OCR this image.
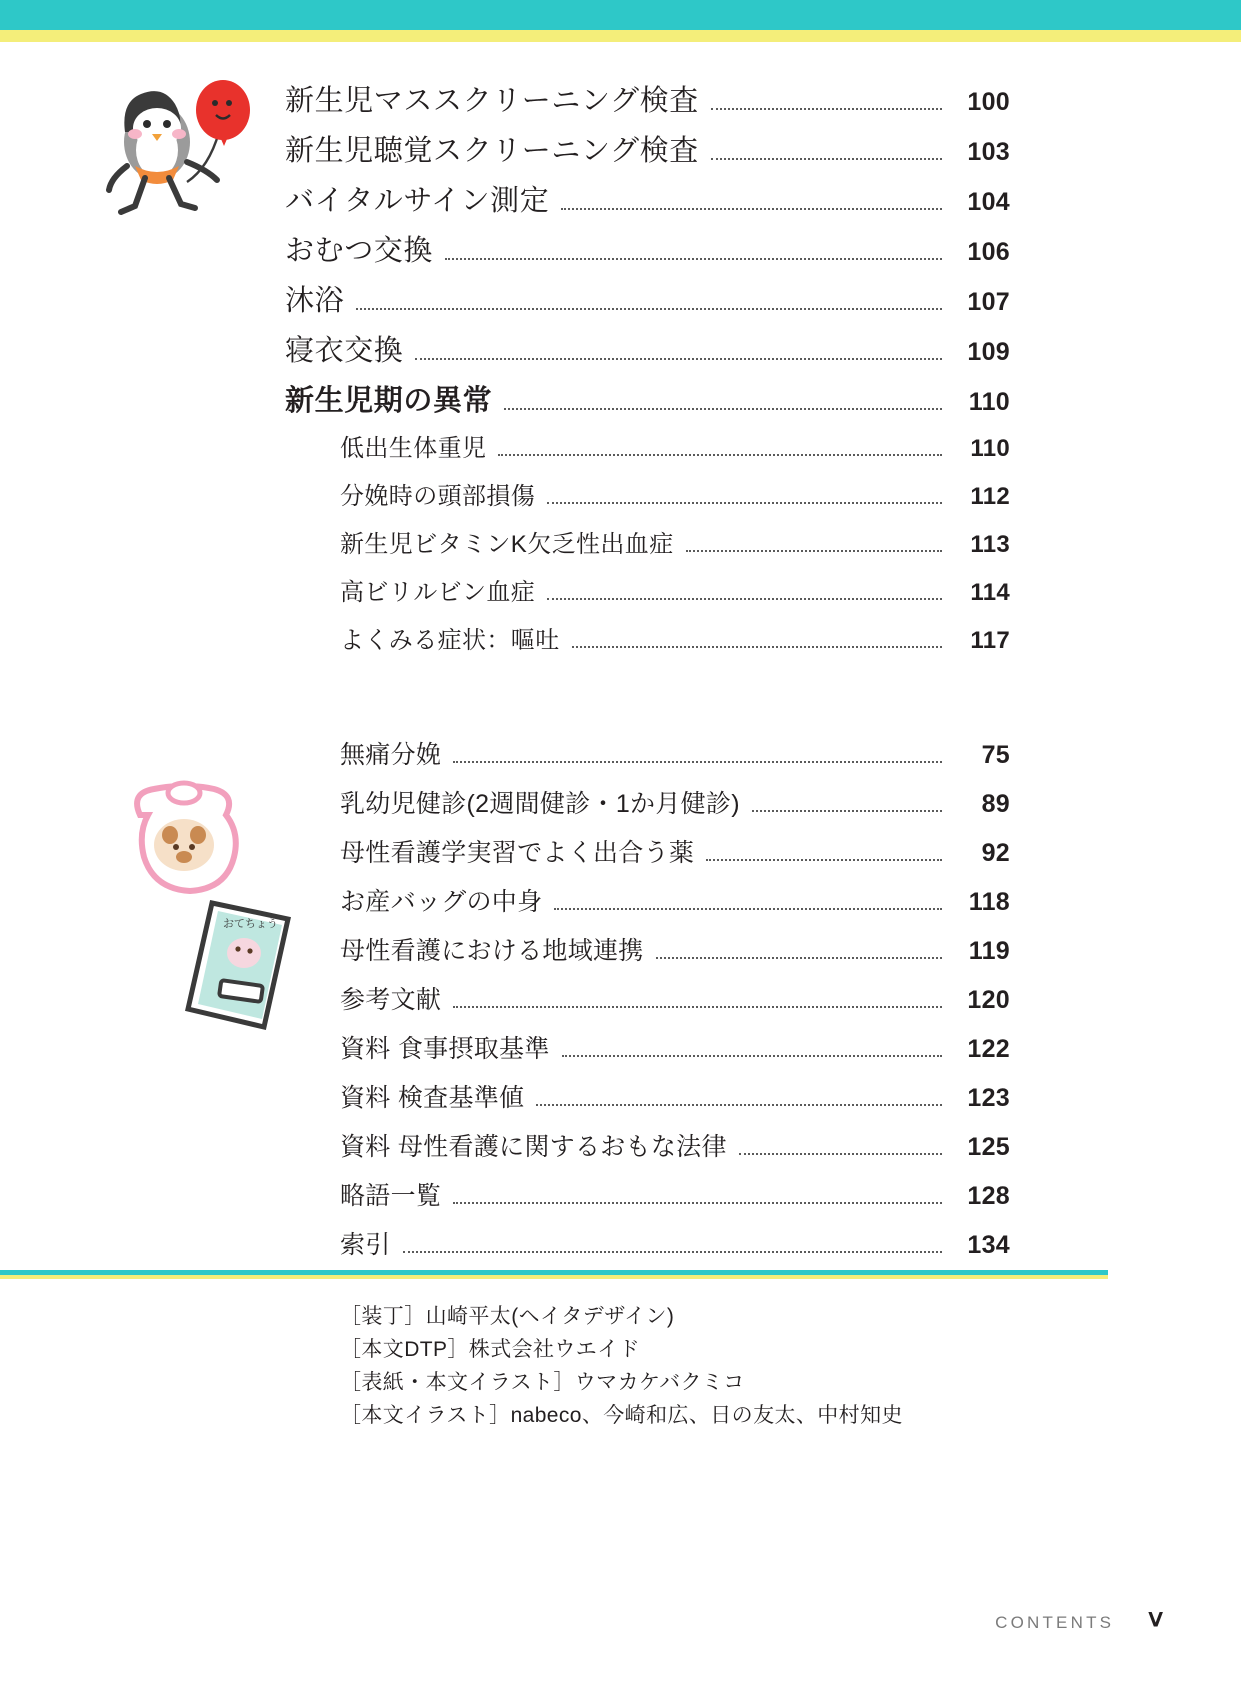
おてちょう
新生児マススクリーニング検査	100
新生児聴覚スクリーニング検査	103
バイタルサイン測定	104
おむつ交換	106
沐浴	107
寝衣交換	109
新生児期の異常	110
低出生体重児	110
分娩時の頭部損傷	112
新生児ビタミンK欠乏性出血症	113
高ビリルビン血症	114
よくみる症状：嘔吐	117
無痛分娩	75
乳幼児健診(2週間健診・1か月健診)	89
母性看護学実習でよく出合う薬	92
お産バッグの中身	118
母性看護における地域連携	119
参考文献	120
資料 食事摂取基準	122
資料 検査基準値	123
資料 母性看護に関するおもな法律	125
略語一覧	128
索引	134
［装丁］山崎平太(ヘイタデザイン)
［本文DTP］株式会社ウエイド
［表紙・本文イラスト］ウマカケバクミコ
［本文イラスト］nabeco、今崎和広、日の友太、中村知史
CONTENTS ⅴ
